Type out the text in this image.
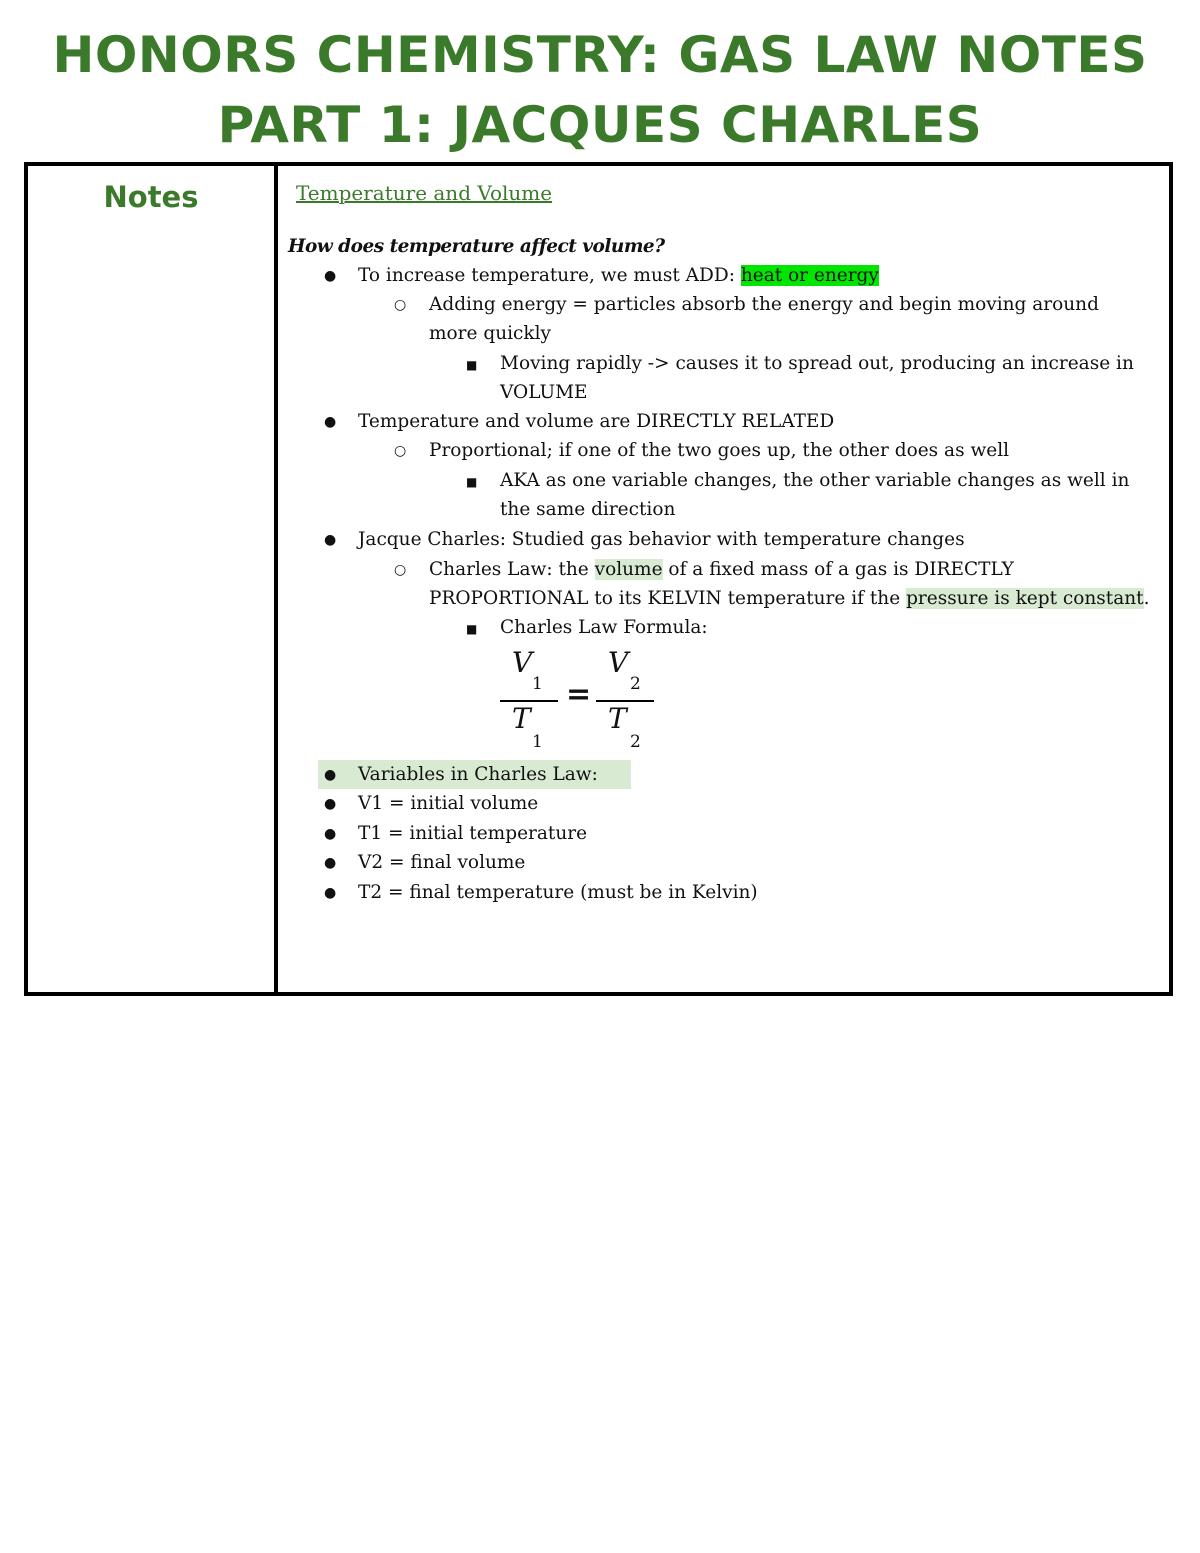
HONORS CHEMISTRY: GAS LAW NOTES
PART 1: JACQUES CHARLES
Notes	Temperature and Volume
How does temperature affect volume?
● To increase temperature, we must ADD: heat or energy
○ Adding energy = particles absorb the energy and begin moving around
more quickly
■ Moving rapidly -> causes it to spread out, producing an increase in
VOLUME
● Temperature and volume are DIRECTLY RELATED
○ Proportional; if one of the two goes up, the other does as well
■ AKA as one variable changes, the other variable changes as well in
the same direction
● Jacque Charles: Studied gas behavior with temperature changes
○ Charles Law: the volume of a fixed mass of a gas is DIRECTLY
PROPORTIONAL to its KELVIN temperature if the pressure is kept constant.
■ Charles Law Formula:
V
1
T
1
=
V
2
T
2
● Variables in Charles Law:
● V1 = initial volume
● T1 = initial temperature
● V2 = final volume
● T2 = final temperature (must be in Kelvin)
